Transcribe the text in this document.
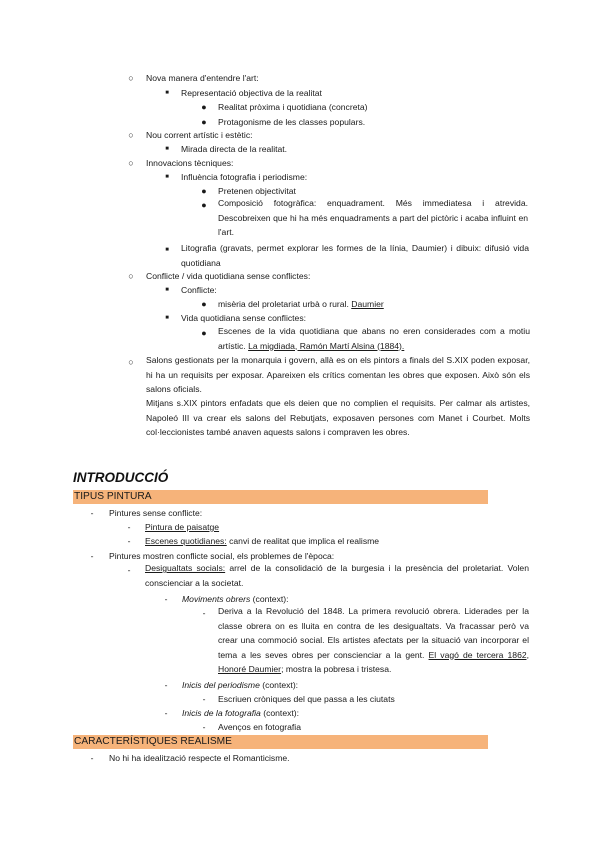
○	Nova manera d'entendre l'art:
■	Representació objectiva de la realitat
●	Realitat pròxima i quotidiana (concreta)
●	Protagonisme de les classes populars.
○	Nou corrent artístic i estètic:
■	Mirada directa de la realitat.
○	Innovacions tècniques:
■	Influència fotografia i periodisme:
●	Pretenen objectivitat
●	Composició fotogràfica: enquadrament. Més immediatesa i atrevida. Descobreixen que hi ha més enquadraments a part del pictòric i acaba influint en l'art.
■	Litografia (gravats, permet explorar les formes de la línia, Daumier) i dibuix: difusió vida quotidiana
○	Conflicte / vida quotidiana sense conflictes:
■	Conflicte:
●	misèria del proletariat urbà o rural. Daumier
■	Vida quotidiana sense conflictes:
●	Escenes de la vida quotidiana que abans no eren considerades com a motiu artístic. La migdiada, Ramón Martí Alsina (1884).
○	Salons gestionats per la monarquia i govern, allà es on els pintors a finals del S.XIX poden exposar, hi ha un requisits per exposar. Apareixen els crítics comentan les obres que exposen. Això són els salons oficials.
Mitjans s.XIX pintors enfadats que els deien que no complien el requisits. Per calmar als artistes, Napoleó III va crear els salons del Rebutjats, exposaven persones com Manet i Courbet. Molts col·leccionistes també anaven aquests salons i compraven les obres.
INTRODUCCIÓ
TIPUS PINTURA
-	Pintures sense conflicte:
-	Pintura de paisatge
-	Escenes quotidianes: canvi de realitat que implica el realisme
-	Pintures mostren conflicte social, els problemes de l'època:
-	Desigualtats socials: arrel de la consolidació de la burgesia i la presència del proletariat. Volen conscienciar a la societat.
-	Moviments obrers (context):
-	Deriva a la Revolució del 1848. La primera revolució obrera. Liderades per la classe obrera on es lluita en contra de les desigualtats. Va fracassar però va crear una commoció social. Els artistes afectats per la situació van incorporar el tema a les seves obres per conscienciar a la gent. El vagó de tercera 1862, Honoré Daumier; mostra la pobresa i tristesa.
-	Inicis del periodisme (context):
-	Escriuen cròniques del que passa a les ciutats
-	Inicis de la fotografia (context):
-	Avenços en fotografia
CARACTERÍSTIQUES REALISME
-	No hi ha idealització respecte el Romanticisme.
